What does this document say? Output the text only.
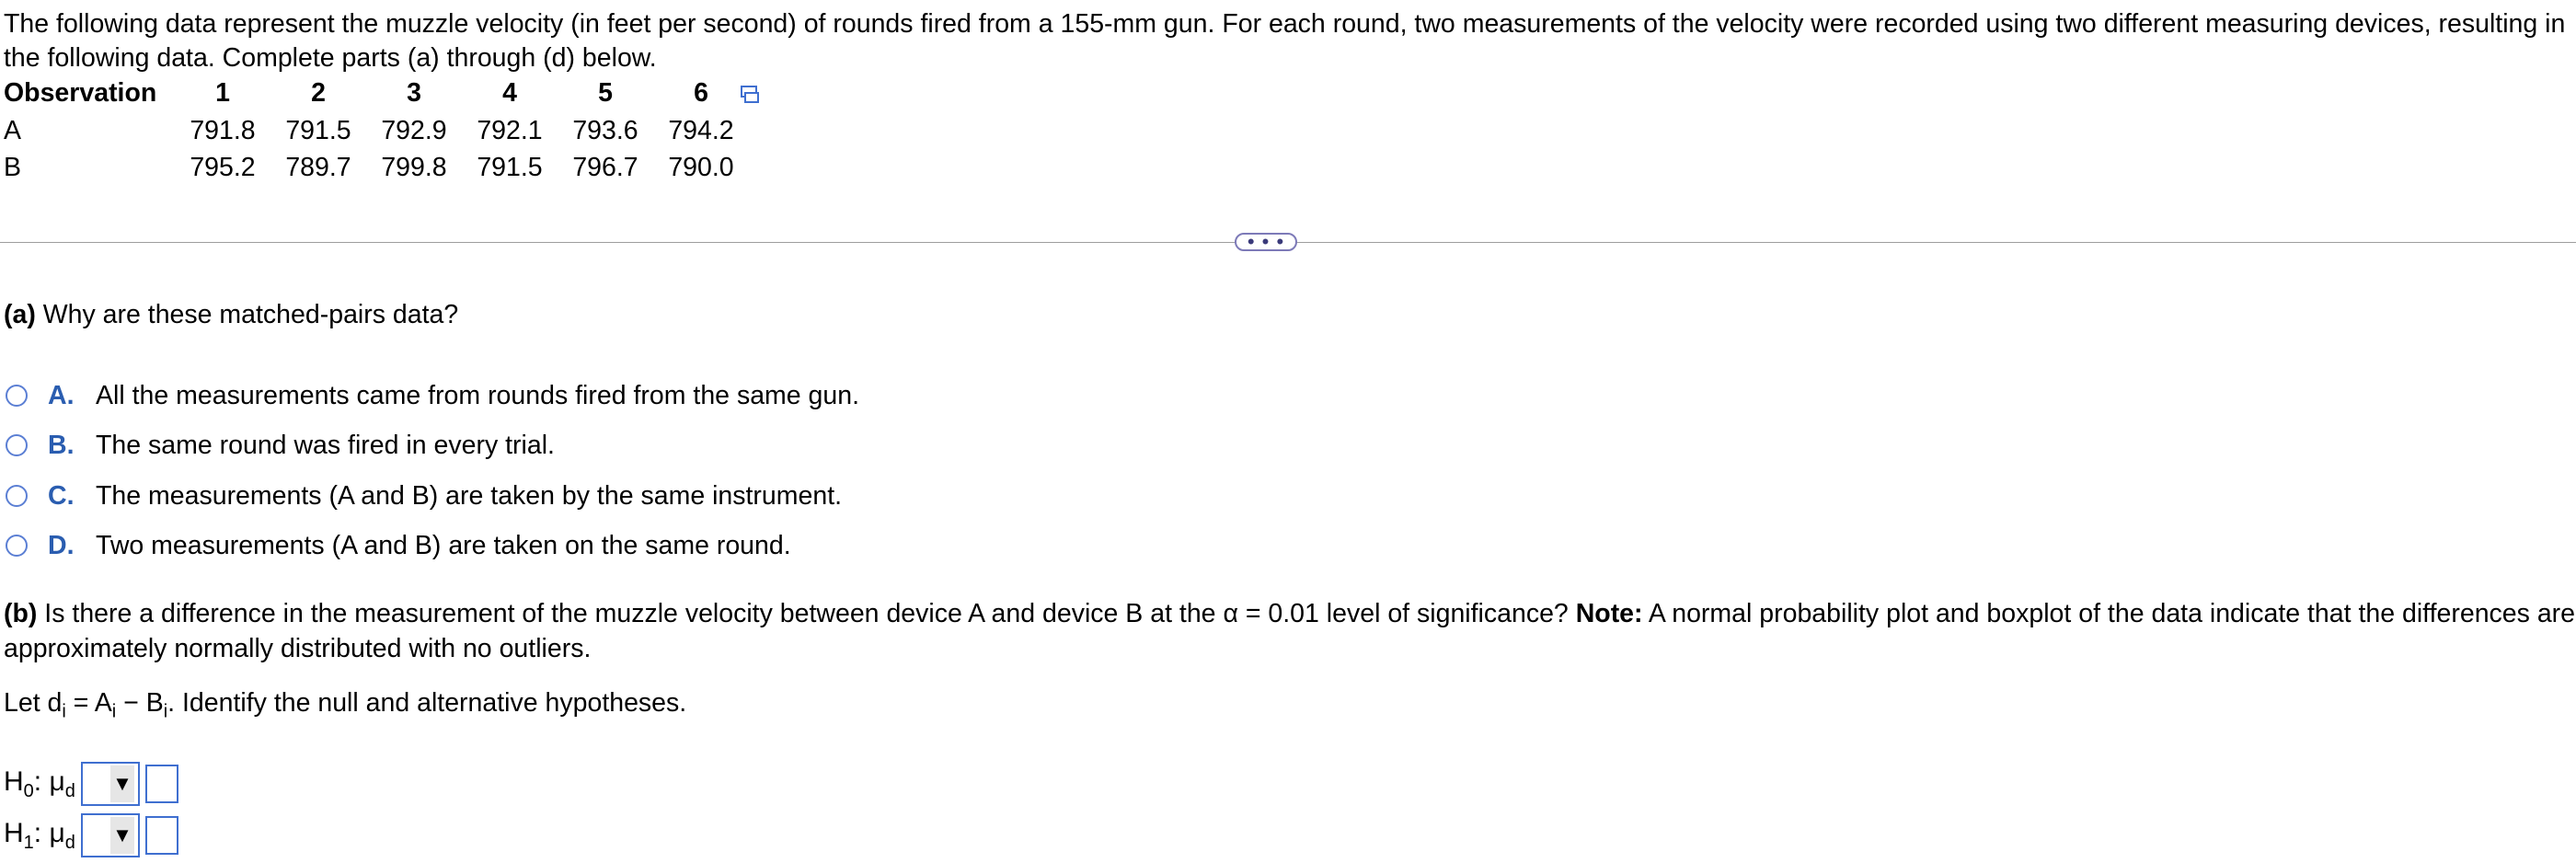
The following data represent the muzzle velocity (in feet per second) of rounds fired from a 155-mm gun. For each round, two measurements of the velocity were recorded using two different measuring devices, resulting in
the following data. Complete parts (a) through (d) below.
Observation	1	2	3	4	5	6
A	791.8	791.5	792.9	792.1	793.6	794.2
B	795.2	789.7	799.8	791.5	796.7	790.0
• • •
(a) Why are these matched-pairs data?
A. All the measurements came from rounds fired from the same gun.
B. The same round was fired in every trial.
C. The measurements (A and B) are taken by the same instrument.
D. Two measurements (A and B) are taken on the same round.
(b) Is there a difference in the measurement of the muzzle velocity between device A and device B at the α = 0.01 level of significance? Note: A normal probability plot and boxplot of the data indicate that the differences are
approximately normally distributed with no outliers.
Let $d_i = A_i - B_i$. Identify the null and alternative hypotheses.
$H_0$: $\mu_d$ ▼
$H_1$: $\mu_d$ ▼
